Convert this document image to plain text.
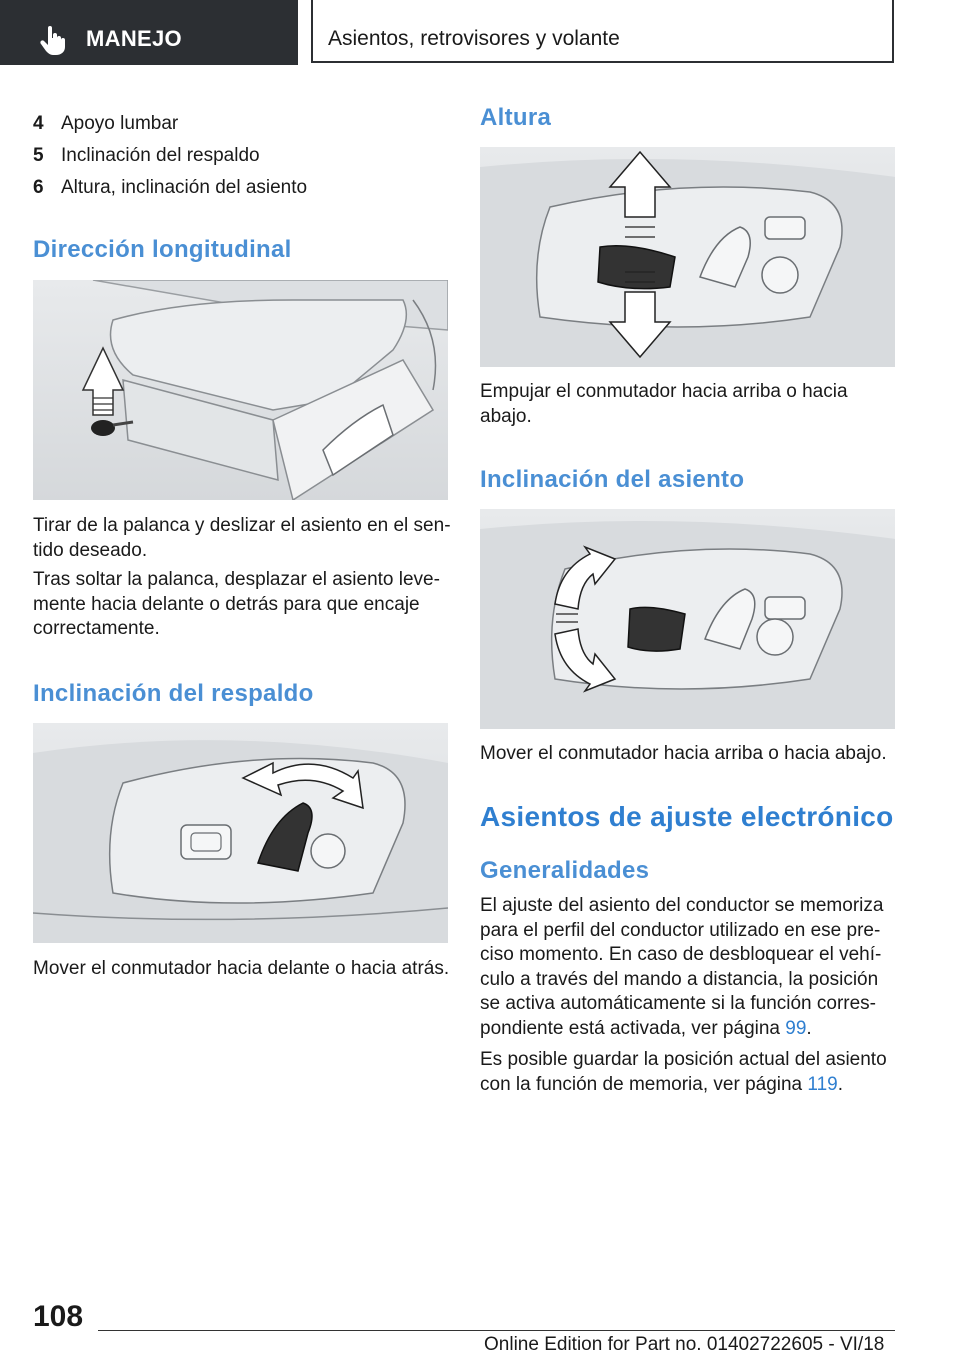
MANEJO	Asientos, retrovisores y volante
4 Apoyo lumbar
5 Inclinación del respaldo
6 Altura, inclinación del asiento
Dirección longitudinal
Tirar de la palanca y deslizar el asiento en el sen-tido deseado.
Tras soltar la palanca, desplazar el asiento leve-mente hacia delante o detrás para que encaje correctamente.
Inclinación del respaldo
Mover el conmutador hacia delante o hacia atrás.
Altura
Empujar el conmutador hacia arriba o hacia abajo.
Inclinación del asiento
Mover el conmutador hacia arriba o hacia abajo.
Asientos de ajuste electrónico
Generalidades
El ajuste del asiento del conductor se memoriza para el perfil del conductor utilizado en ese pre-ciso momento. En caso de desbloquear el vehí-culo a través del mando a distancia, la posición se activa automáticamente si la función corres-pondiente está activada, ver página 99.
Es posible guardar la posición actual del asiento con la función de memoria, ver página 119.
108
Online Edition for Part no. 01402722605 - VI/18
